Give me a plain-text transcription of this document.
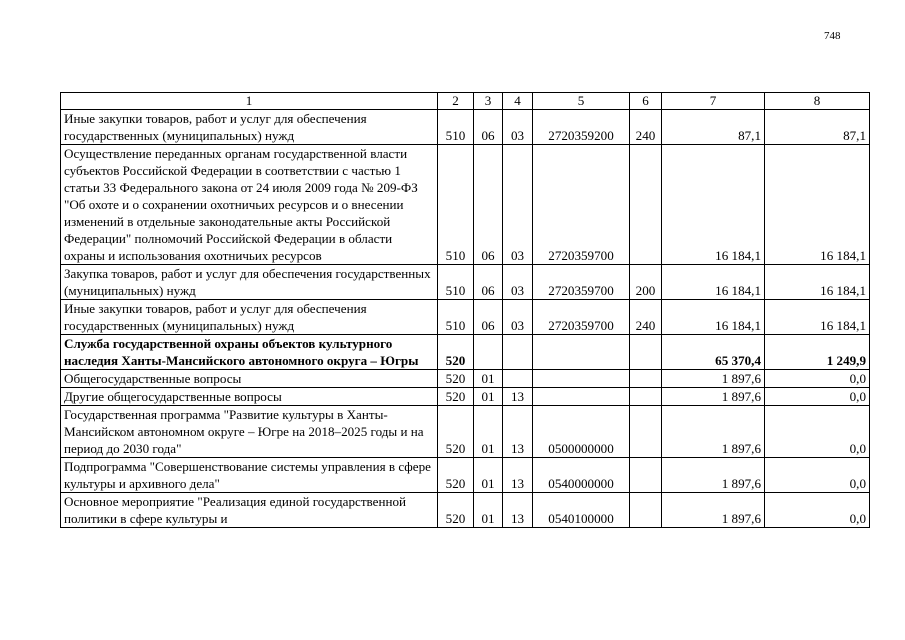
748
1	2	3	4	5	6	7	8
Иные закупки товаров, работ и услуг для обеспечения государственных (муниципальных) нужд	510	06	03	2720359200	240	87,1	87,1
Осуществление переданных органам государственной власти субъектов Российской Федерации в соответствии с частью 1 статьи 33 Федерального закона от 24 июля 2009 года № 209-ФЗ "Об охоте и о сохранении охотничьих ресурсов и о внесении изменений в отдельные законодательные акты Российской Федерации" полномочий Российской Федерации в области охраны и использования охотничьих ресурсов	510	06	03	2720359700		16 184,1	16 184,1
Закупка товаров, работ и услуг для обеспечения государственных (муниципальных) нужд	510	06	03	2720359700	200	16 184,1	16 184,1
Иные закупки товаров, работ и услуг для обеспечения государственных (муниципальных) нужд	510	06	03	2720359700	240	16 184,1	16 184,1
Служба государственной охраны объектов культурного наследия Ханты-Мансийского автономного округа – Югры	520					65 370,4	1 249,9
Общегосударственные вопросы	520	01				1 897,6	0,0
Другие общегосударственные вопросы	520	01	13			1 897,6	0,0
Государственная программа "Развитие культуры в Ханты-Мансийском автономном округе – Югре на 2018–2025 годы и на период до 2030 года"	520	01	13	0500000000		1 897,6	0,0
Подпрограмма "Совершенствование системы управления в сфере культуры и архивного дела"	520	01	13	0540000000		1 897,6	0,0

Основное мероприятие "Реализация единой государственной политики в сфере культуры и	520	01	13	0540100000		1 897,6	0,0
